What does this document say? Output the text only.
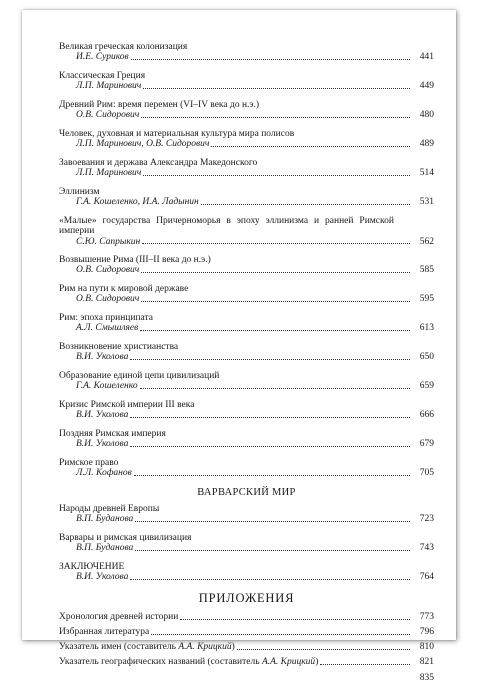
Великая греческая колонизация
И.Е. Суриков	441
Классическая Греция
Л.П. Маринович	449
Древний Рим: время перемен (VI–IV века до н.э.)
О.В. Сидорович	480
Человек, духовная и материальная культура мира полисов
Л.П. Маринович, О.В. Сидорович	489
Завоевания и держава Александра Македонского
Л.П. Маринович	514
Эллинизм
Г.А. Кошеленко, И.А. Ладынин	531
«Малые» государства Причерноморья в эпоху эллинизма и ранней Римской империи
С.Ю. Сапрыкин	562
Возвышение Рима (III–II века до н.э.)
О.В. Сидорович	585
Рим на пути к мировой державе
О.В. Сидорович	595
Рим: эпоха принципата
А.Л. Смышляев	613
Возникновение христианства
В.И. Уколова	650
Образование единой цепи цивилизаций
Г.А. Кошеленко	659
Кризис Римской империи III века
В.И. Уколова	666
Поздняя Римская империя
В.И. Уколова	679
Римское право
Л.Л. Кофанов	705
ВАРВАРСКИЙ МИР
Народы древней Европы
В.П. Буданова	723
Варвары и римская цивилизация
В.П. Буданова	743
ЗАКЛЮЧЕНИЕ
В.И. Уколова	764
ПРИЛОЖЕНИЯ
Хронология древней истории	773
Избранная литература	796
Указатель имен (составитель А.А. Крицкий)	810
Указатель географических названий (составитель А.А. Крицкий)	821
835
